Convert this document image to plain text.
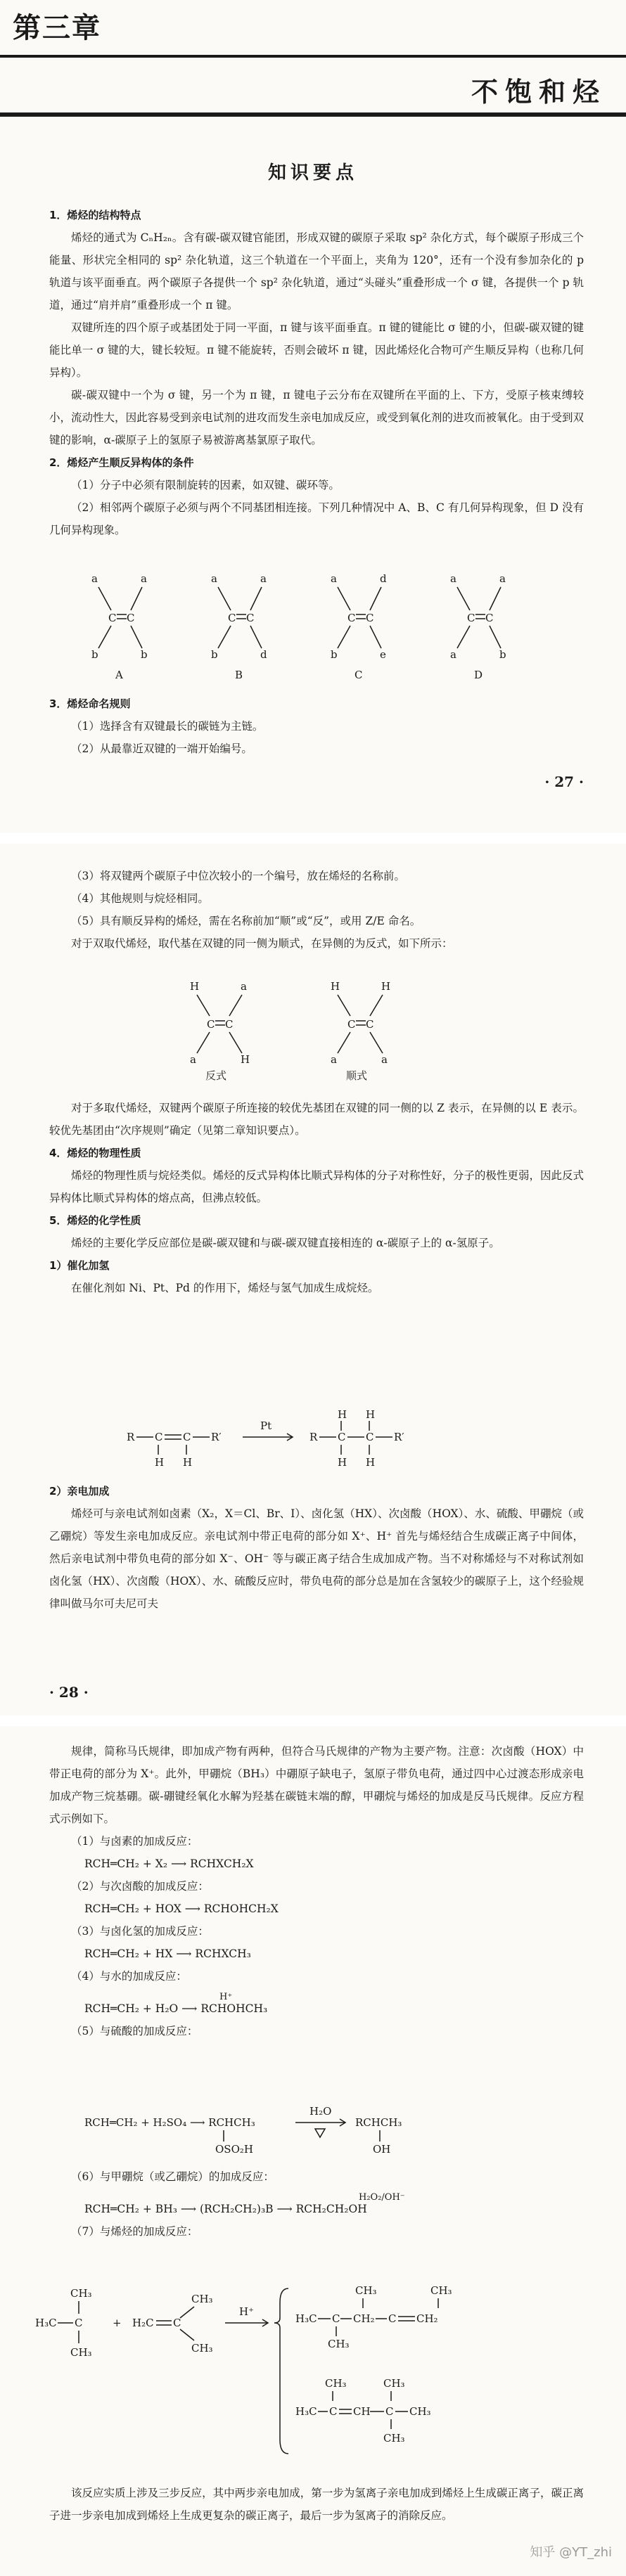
第三章
不饱和烃
知识要点

1．烯烃的结构特点

烯烃的通式为 CₙH₂ₙ。含有碳-碳双键官能团，形成双键的碳原子采取 sp² 杂化方式，每个碳原子形成三个能量、形状完全相同的 sp² 杂化轨道，这三个轨道在一个平面上，夹角为 120°，还有一个没有参加杂化的 p 轨道与该平面垂直。两个碳原子各提供一个 sp² 杂化轨道，通过“头碰头”重叠形成一个 σ 键，各提供一个 p 轨道，通过“肩并肩”重叠形成一个 π 键。

双键所连的四个原子或基团处于同一平面，π 键与该平面垂直。π 键的键能比 σ 键的小，但碳-碳双键的键能比单一 σ 键的大，键长较短。π 键不能旋转，否则会破坏 π 键，因此烯烃化合物可产生顺反异构（也称几何异构）。

碳-碳双键中一个为 σ 键，另一个为 π 键，π 键电子云分布在双键所在平面的上、下方，受原子核束缚较小，流动性大，因此容易受到亲电试剂的进攻而发生亲电加成反应，或受到氧化剂的进攻而被氧化。由于受到双键的影响，α-碳原子上的氢原子易被游离基氯原子取代。

2．烯烃产生顺反异构体的条件

（1）分子中必须有限制旋转的因素，如双键、碳环等。

（2）相邻两个碳原子必须与两个不同基团相连接。下列几种情况中 A、B、C 有几何异构现象，但 D 没有几何异构现象。

a	a
C C
b	b
A
a	a
C C
b	d
B
a	d
C C
b	e
C
a	a
C C
a	b
D

3．烯烃命名规则

（1）选择含有双键最长的碳链为主链。

（2）从最靠近双键的一端开始编号。

· 27 ·

（3）将双键两个碳原子中位次较小的一个编号，放在烯烃的名称前。

（4）其他规则与烷烃相同。

（5）具有顺反异构的烯烃，需在名称前加“顺”或“反”，或用 Z/E 命名。

对于双取代烯烃，取代基在双键的同一侧为顺式，在异侧的为反式，如下所示：

H	a
C C
a	H
反式
H	H
C C
a	a
顺式

对于多取代烯烃，双键两个碳原子所连接的较优先基团在双键的同一侧的以 Z 表示，在异侧的以 E 表示。较优先基团由“次序规则”确定（见第二章知识要点）。

4．烯烃的物理性质

烯烃的物理性质与烷烃类似。烯烃的反式异构体比顺式异构体的分子对称性好，分子的极性更弱，因此反式异构体比顺式异构体的熔点高，但沸点较低。

5．烯烃的化学性质

烯烃的主要化学反应部位是碳-碳双键和与碳-碳双键直接相连的 α-碳原子上的 α-氢原子。

1）催化加氢

在催化剂如 Ni、Pt、Pd 的作用下，烯烃与氢气加成生成烷烃。

R C C R′
H H
Pt
R C C R′
H H
H H

2）亲电加成

烯烃可与亲电试剂如卤素（X₂，X＝Cl、Br、I）、卤化氢（HX）、次卤酸（HOX）、水、硫酸、甲硼烷（或乙硼烷）等发生亲电加成反应。亲电试剂中带正电荷的部分如 X⁺、H⁺ 首先与烯烃结合生成碳正离子中间体，然后亲电试剂中带负电荷的部分如 X⁻、OH⁻ 等与碳正离子结合生成加成产物。当不对称烯烃与不对称试剂如卤化氢（HX）、次卤酸（HOX）、水、硫酸反应时，带负电荷的部分总是加在含氢较少的碳原子上，这个经验规律叫做马尔可夫尼可夫

· 28 ·

规律，简称马氏规律，即加成产物有两种，但符合马氏规律的产物为主要产物。注意：次卤酸（HOX）中带正电荷的部分为 X⁺。此外，甲硼烷（BH₃）中硼原子缺电子，氢原子带负电荷，通过四中心过渡态形成亲电加成产物三烷基硼。碳-硼键经氧化水解为羟基在碳链末端的醇，甲硼烷与烯烃的加成是反马氏规律。反应方程式示例如下。

（1）与卤素的加成反应：

RCH═CH₂ + X₂ ⟶ RCHXCH₂X

（2）与次卤酸的加成反应：

RCH═CH₂ + HOX ⟶ RCHOHCH₂X

（3）与卤化氢的加成反应：

RCH═CH₂ + HX ⟶ RCHXCH₃

（4）与水的加成反应：

RCH═CH₂ + H₂O ⟶ RCHOHCH₃
H⁺

（5）与硫酸的加成反应：

RCH═CH₂ + H₂SO₄ ⟶ RCHCH₃
OSO₂H
H₂O
RCHCH₃
OH

（6）与甲硼烷（或乙硼烷）的加成反应：

RCH═CH₂ + BH₃ ⟶ (RCH₂CH₂)₃B ⟶ RCH₂CH₂OH
H₂O₂/OH⁻

（7）与烯烃的加成反应：

CH₃
H₃C C
CH₃
+ H₂C C
CH₃
CH₃
H⁺
CH₃	CH₃
H₃C C CH₂ C CH₂
CH₃
CH₃	CH₃
H₃C C CH C CH₃
CH₃

该反应实质上涉及三步反应，其中两步亲电加成，第一步为氢离子亲电加成到烯烃上生成碳正离子，碳正离子进一步亲电加成到烯烃上生成更复杂的碳正离子，最后一步为氢离子的消除反应。

知乎 @YT_zhi
